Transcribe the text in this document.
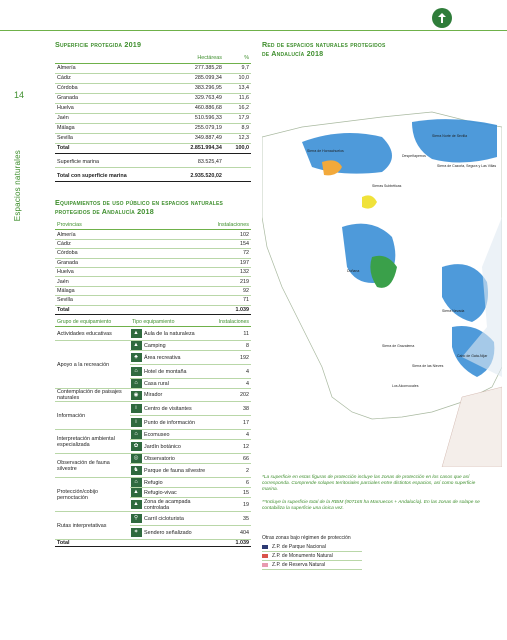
14
Espacios naturales
Superficie protegida 2019
	Hectáreas	%
Almería	277.385,28	9,7
Cádiz	285.099,34	10,0
Córdoba	383.296,95	13,4
Granada	329.763,49	11,6
Huelva	460.886,68	16,2
Jaén	510.596,33	17,9
Málaga	255.079,19	8,9
Sevilla	349.887,49	12,3
Total	2.851.994,34	100,0

Superficie marina	83.525,47	

Total con superficie marina	2.935.520,02	
Equipamientos de uso público en espacios naturales
protegidos de Andalucía 2018
Provincias	Instalaciones
Almería	102
Cádiz	154
Córdoba	72
Granada	197
Huelva	132
Jaén	219
Málaga	92
Sevilla	71
Total	1.039
Grupo de equipamiento	Tipo equipamiento		Instalaciones
Actividades educativas	▲	Aula de la naturaleza	11
Apoyo a la recreación	▲	Camping	8
	♣	Área recreativa	192
	⌂	Hotel de montaña	4
	⌂	Casa rural	4
Contemplación de paisajes naturales	◉	Mirador	202
Información	i	Centro de visitantes	38
	i	Punto de información	17
Interpretación ambiental especializada	⌂	Ecomuseo	4
	✿	Jardín botánico	12
Observación de fauna silvestre	◎	Observatorio	66
	♞	Parque de fauna silvestre	2
Protección/cobijo pernoctación	⌂	Refugio	6
	▲	Refugio-vivac	15
	▲	Zona de acampada controlada	19
Rutas interpretativas	⚲	Carril cicloturista	35
	✶	Sendero señalizado	404
Total			1.039
Red de espacios naturales protegidos
de Andalucía 2018
Sierra Norte de Sevilla
Sierra de Hornachuelos
Sierras Subbéticas
Sierra de Cazorla, Segura y Las Villas
Sierra Nevada
Doñana
Sierra de Grazalema
Cabo de Gata-Níjar
Los Alcornocales
Sierra de las Nieves
Despeñaperros
*La superficie en estas figuras de protección incluye las zonas de protección en los casos que así corresponda. Comprende solapes territoriales parciales entre distintos espacios, así como superficie marina.
**Incluye la superficie total de la RBIM (907165 ha Marruecos + Andalucía). En las zonas de solape se contabiliza la superficie una única vez.
Otras zonas bajo régimen de protección
Z.P. de Parque Nacional
Z.P. de Monumento Natural
Z.P. de Reserva Natural
